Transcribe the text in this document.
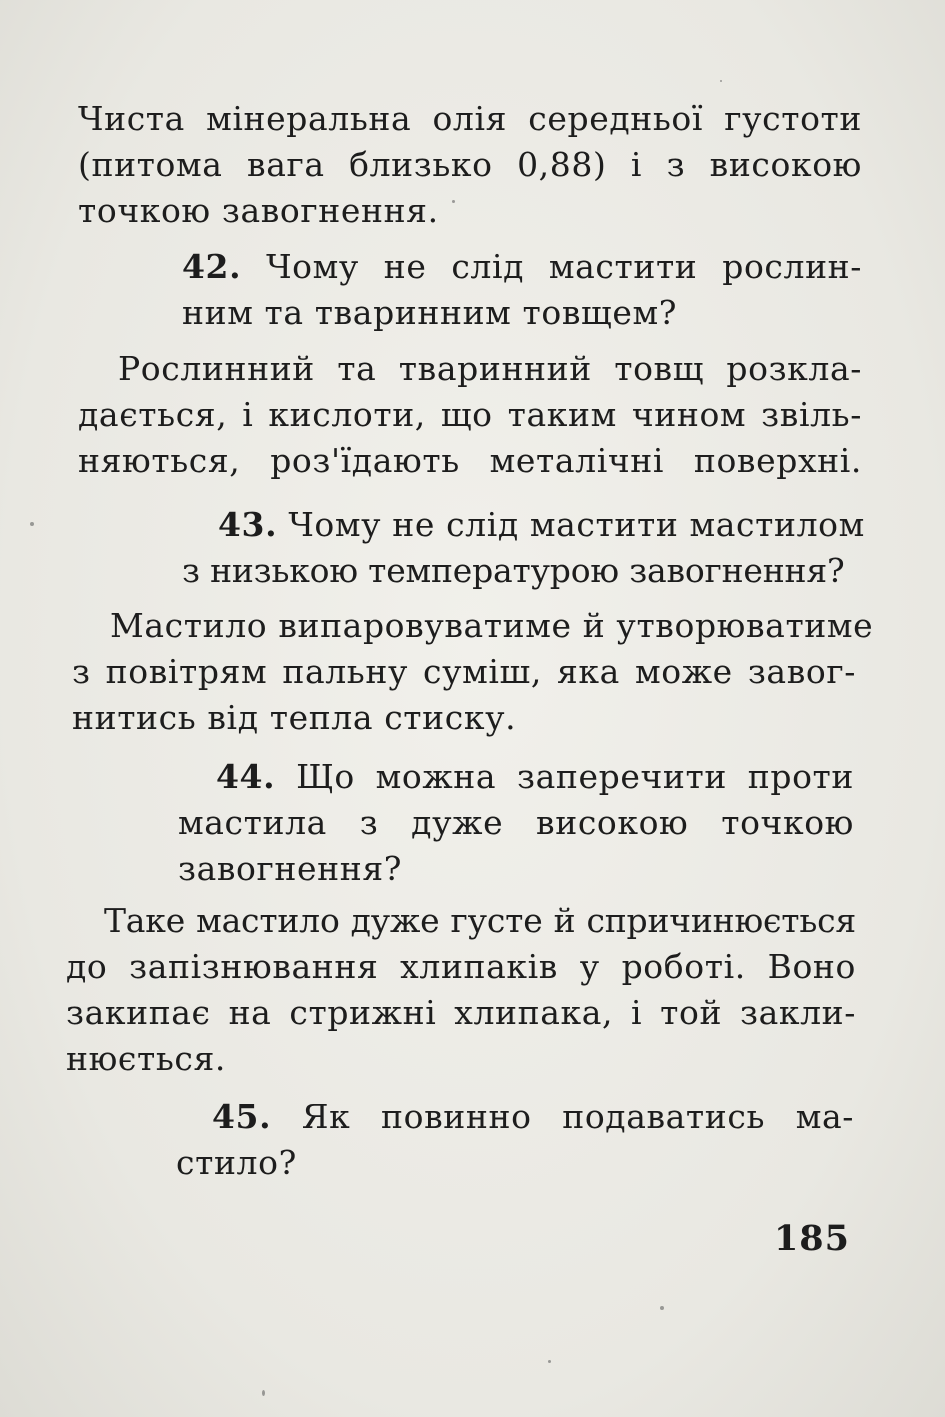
Чиста мінеральна олія середньої густоти
(питома вага близько 0,88) і з високою
точкою завогнення.
42. Чому не слід мастити рослин-
ним та тваринним товщем?
Рослинний та тваринний товщ розкла-
дається, і кислоти, що таким чином звіль-
няються, роз'їдають металічні поверхні.
43. Чому не слід мастити мастилом
з низькою температурою завогнення?
Мастило випаровуватиме й утворюватиме
з повітрям пальну суміш, яка може завог-
нитись від тепла стиску.
44. Що можна заперечити проти
мастила з дуже високою точкою
завогнення?
Таке мастило дуже густе й спричинюється
до запізнювання хлипаків у роботі. Воно
закипає на стрижні хлипака, і той закли-
нюється.
45. Як повинно подаватись ма-
стило?
185
